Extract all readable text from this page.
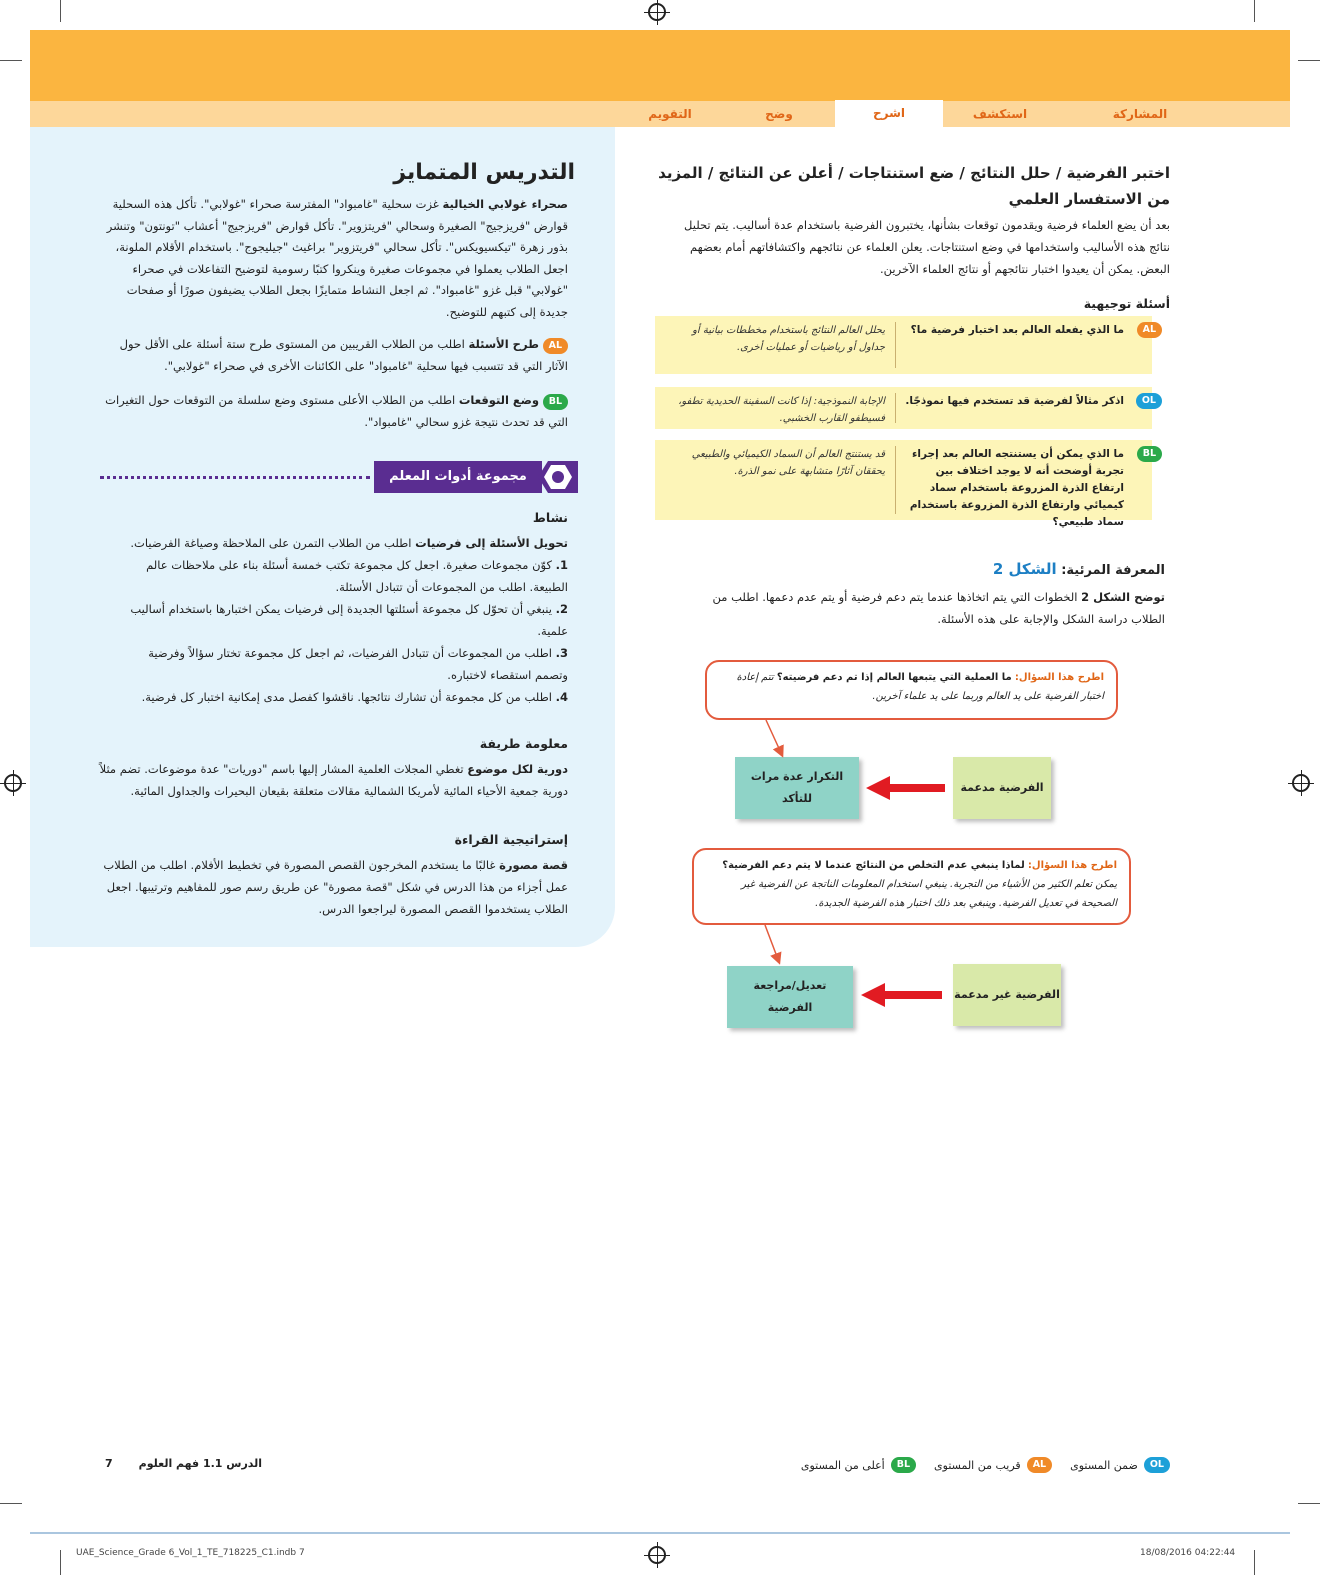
المشاركة
استكشف
اشرح
وضح
التقويم
اختبر الفرضية / حلل النتائج / ضع استنتاجات / أعلن عن النتائج / المزيد من الاستفسار العلمي
بعد أن يضع العلماء فرضية ويقدمون توقعات بشأنها، يختبرون الفرضية باستخدام عدة أساليب. يتم تحليل نتائج هذه الأساليب واستخدامها في وضع استنتاجات. يعلن العلماء عن نتائجهم واكتشافاتهم أمام بعضهم البعض. يمكن أن يعيدوا اختبار نتائجهم أو نتائج العلماء الآخرين.
أسئلة توجيهية
AL
ما الذي يفعله العالم بعد اختبار فرضية ما؟
يحلل العالم النتائج باستخدام مخططات بيانية أو جداول أو رياضيات أو عمليات أخرى.
OL
اذكر مثالاً لفرضية قد تستخدم فيها نموذجًا.
الإجابة النموذجية: إذا كانت السفينة الحديدية تطفو، فسيطفو القارب الخشبي.
BL
ما الذي يمكن أن يستنتجه العالم بعد إجراء تجربة أوضحت أنه لا يوجد اختلاف بين ارتفاع الذرة المزروعة باستخدام سماد كيميائي وارتفاع الذرة المزروعة باستخدام سماد طبيعي؟
قد يستنتج العالم أن السماد الكيميائي والطبيعي يحققان آثارًا متشابهة على نمو الذرة.
المعرفة المرئية: الشكل 2
توضح الشكل 2 الخطوات التي يتم اتخاذها عندما يتم دعم فرضية أو يتم عدم دعمها. اطلب من الطلاب دراسة الشكل والإجابة على هذه الأسئلة.
اطرح هذا السؤال: ما العملية التي يتبعها العالم إذا تم دعم فرضيته؟ تتم إعادة اختبار الفرضية على يد العالم وربما على يد علماء آخرين.
الفرضية مدعمة
التكرار عدة مرات للتأكد
اطرح هذا السؤال: لماذا ينبغي عدم التخلص من النتائج عندما لا يتم دعم الفرضية؟ يمكن تعلم الكثير من الأشياء من التجربة. ينبغي استخدام المعلومات الناتجة عن الفرضية غير الصحيحة في تعديل الفرضية. وينبغي بعد ذلك اختبار هذه الفرضية الجديدة.
الفرضية غير مدعمة
تعديل/مراجعة الفرضية
التدريس المتمايز
صحراء غولابي الخيالية غزت سحلية "غامبواد" المفترسة صحراء "غولابي". تأكل هذه السحلية قوارض "فريزجيج" الصغيرة وسحالي "فريتزوير". تأكل قوارض "فريزجيج" أعشاب "تونتون" وتنشر بذور زهرة "تيكسيويكس". تأكل سحالي "فريتزوير" براغيث "جيليجوج". باستخدام الأقلام الملونة، اجعل الطلاب يعملوا في مجموعات صغيرة وينكروا كتبًا رسومية لتوضيح التفاعلات في صحراء "غولابي" قبل غزو "غامبواد". ثم اجعل النشاط متمايزًا بجعل الطلاب يضيفون صورًا أو صفحات جديدة إلى كتبهم للتوضيح.
AL طرح الأسئلة اطلب من الطلاب القريبين من المستوى طرح ستة أسئلة على الأقل حول الآثار التي قد تتسبب فيها سحلية "غامبواد" على الكائنات الأخرى في صحراء "غولابي".
BL وضع التوقعات اطلب من الطلاب الأعلى مستوى وضع سلسلة من التوقعات حول التغيرات التي قد تحدث نتيجة غزو سحالي "غامبواد".
مجموعة أدوات المعلم
نشاط
تحويل الأسئلة إلى فرضيات اطلب من الطلاب التمرن على الملاحظة وصياغة الفرضيات.
1. كوّن مجموعات صغيرة. اجعل كل مجموعة تكتب خمسة أسئلة بناء على ملاحظات عالم الطبيعة. اطلب من المجموعات أن تتبادل الأسئلة.
2. ينبغي أن تحوّل كل مجموعة أسئلتها الجديدة إلى فرضيات يمكن اختبارها باستخدام أساليب علمية.
3. اطلب من المجموعات أن تتبادل الفرضيات، ثم اجعل كل مجموعة تختار سؤالاً وفرضية وتصمم استقصاء لاختباره.
4. اطلب من كل مجموعة أن تشارك نتائجها. ناقشوا كفصل مدى إمكانية اختبار كل فرضية.
معلومة طريفة
دورية لكل موضوع تغطي المجلات العلمية المشار إليها باسم "دوريات" عدة موضوعات. تضم مثلاً دورية جمعية الأحياء المائية لأمريكا الشمالية مقالات متعلقة بقيعان البحيرات والجداول المائية.
إستراتيجية القراءة
قصة مصورة غالبًا ما يستخدم المخرجون القصص المصورة في تخطيط الأفلام. اطلب من الطلاب عمل أجزاء من هذا الدرس في شكل "قصة مصورة" عن طريق رسم صور للمفاهيم وترتيبها. اجعل الطلاب يستخدموا القصص المصورة ليراجعوا الدرس.
7 الدرس 1.1 فهم العلوم	OL
ضمن المستوى
AL
قريب من المستوى
BL
أعلى من المستوى
UAE_Science_Grade 6_Vol_1_TE_718225_C1.indb 7	18/08/2016 04:22:44
